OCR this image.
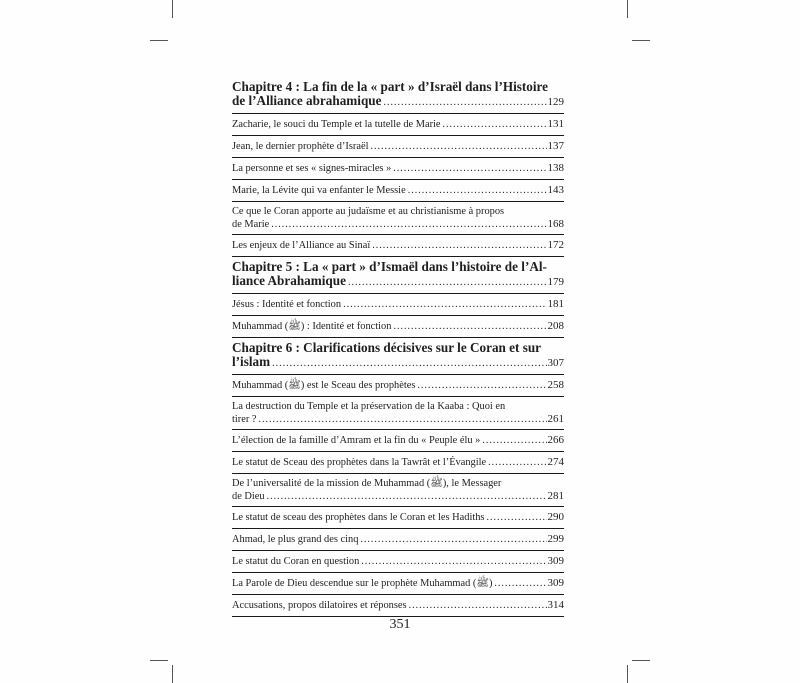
Chapitre 4 : La fin de la « part » d’Israël dans l’Histoire
de l’Alliance abrahamique .....	129
Zacharie, le souci du Temple et la tutelle de Marie .....	131
Jean, le dernier prophète d’Israël .....	137
La personne et ses « signes-miracles » .....	138
Marie, la Lévite qui va enfanter le Messie .....	143
Ce que le Coran apporte au judaïsme et au christianisme à propos
de Marie .....	168
Les enjeux de l’Alliance au Sinaï .....	172
Chapitre 5 : La « part » d’Ismaël dans l’histoire de l’Al-
liance Abrahamique .....	179
Jésus : Identité et fonction .....	181
Muhammad (ﷺ) : Identité et fonction .....	208
Chapitre 6 : Clarifications décisives sur le Coran et sur
l’islam .....	307
Muhammad (ﷺ) est le Sceau des prophètes .....	258
La destruction du Temple et la préservation de la Kaaba : Quoi en
tirer ? .....	261
L’élection de la famille d’Amram et la fin du « Peuple élu » .....	266
Le statut de Sceau des prophètes dans la Tawrât et l’Évangile .....	274
De l’universalité de la mission de Muhammad (ﷺ), le Messager
de Dieu .....	281
Le statut de sceau des prophètes dans le Coran et les Hadiths .....	290
Ahmad, le plus grand des cinq .....	299
Le statut du Coran en question .....	309
La Parole de Dieu descendue sur le prophète Muhammad (ﷺ) .....	309
Accusations, propos dilatoires et réponses .....	314
351
